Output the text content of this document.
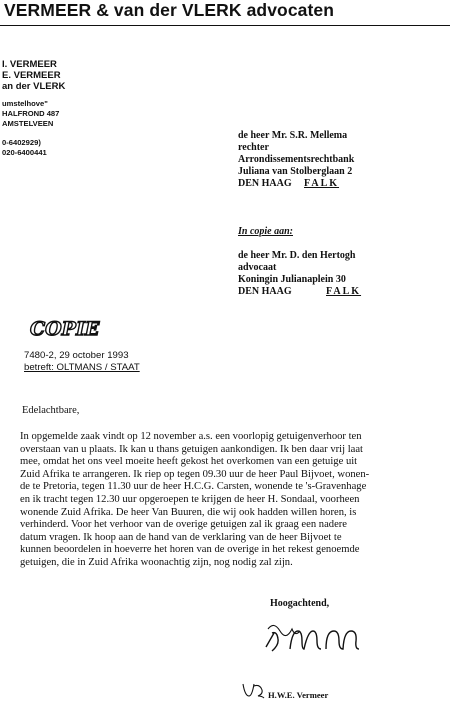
VERMEER & van der VLERK advocaten
I. VERMEER
E. VERMEER
an der VLERK
umstelhove"
HALFROND 487
AMSTELVEEN
0-6402929)
020-6400441
de heer Mr. S.R. Mellema
rechter
Arrondissementsrechtbank
Juliana van Stolberglaan 2
DEN HAAG FALK
In copie aan:
de heer Mr. D. den Hertogh
advocaat
Koningin Julianaplein 30
DEN HAAG	FALK
COPIE
7480-2, 29 october 1993
betreft: OLTMANS / STAAT
Edelachtbare,
In opgemelde zaak vindt op 12 november a.s. een voorlopig getuigenverhoor ten
overstaan van u plaats. Ik kan u thans getuigen aankondigen. Ik ben daar vrij laat
mee, omdat het ons veel moeite heeft gekost het overkomen van een getuige uit
Zuid Afrika te arrangeren. Ik riep op tegen 09.30 uur de heer Paul Bijvoet, wonen-
de te Pretoria, tegen 11.30 uur de heer H.C.G. Carsten, wonende te 's-Gravenhage
en ik tracht tegen 12.30 uur opgeroepen te krijgen de heer H. Sondaal, voorheen
wonende Zuid Afrika. De heer Van Buuren, die wij ook hadden willen horen, is
verhinderd. Voor het verhoor van de overige getuigen zal ik graag een nadere
datum vragen. Ik hoop aan de hand van de verklaring van de heer Bijvoet te
kunnen beoordelen in hoeverre het horen van de overige in het rekest genoemde
getuigen, die in Zuid Afrika woonachtig zijn, nog nodig zal zijn.
Hoogachtend,
H.W.E. Vermeer
